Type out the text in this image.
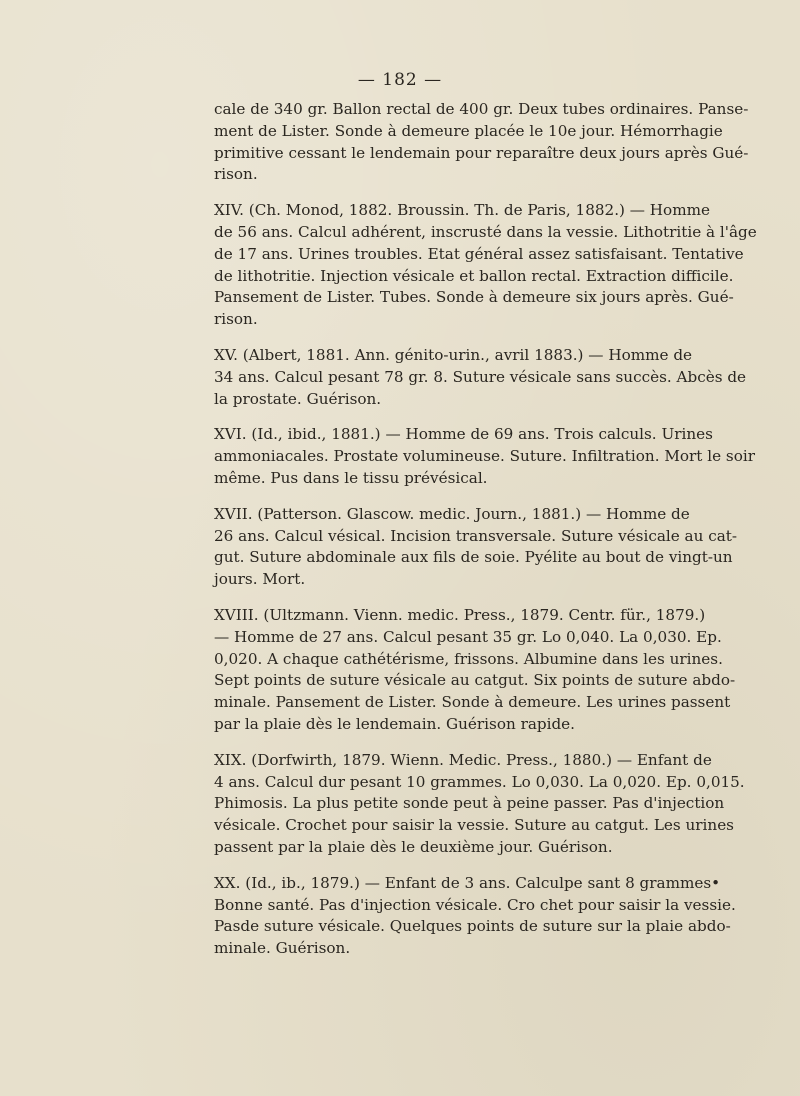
— 182 —
cale de 340 gr. Ballon rectal de 400 gr. Deux tubes ordinaires. Panse-
ment de Lister. Sonde à demeure placée le 10e jour. Hémorrhagie
primitive cessant le lendemain pour reparaître deux jours après Gué-
rison.
XIV. (Ch. Monod, 1882. Broussin. Th. de Paris, 1882.) — Homme
de 56 ans. Calcul adhérent, inscrusté dans la vessie. Lithotritie à l'âge
de 17 ans. Urines troubles. Etat général assez satisfaisant. Tentative
de lithotritie. Injection vésicale et ballon rectal. Extraction difficile.
Pansement de Lister. Tubes. Sonde à demeure six jours après. Gué-
rison.
XV. (Albert, 1881. Ann. génito-urin., avril 1883.) — Homme de
34 ans. Calcul pesant 78 gr. 8. Suture vésicale sans succès. Abcès de
la prostate. Guérison.
XVI. (Id., ibid., 1881.) — Homme de 69 ans. Trois calculs. Urines
ammoniacales. Prostate volumineuse. Suture. Infiltration. Mort le soir
même. Pus dans le tissu prévésical.
XVII. (Patterson. Glascow. medic. Journ., 1881.) — Homme de
26 ans. Calcul vésical. Incision transversale. Suture vésicale au cat-
gut. Suture abdominale aux fils de soie. Pyélite au bout de vingt-un
jours. Mort.
XVIII. (Ultzmann. Vienn. medic. Press., 1879. Centr. für., 1879.)
— Homme de 27 ans. Calcul pesant 35 gr. Lo 0,040. La 0,030. Ep.
0,020. A chaque cathétérisme, frissons. Albumine dans les urines.
Sept points de suture vésicale au catgut. Six points de suture abdo-
minale. Pansement de Lister. Sonde à demeure. Les urines passent
par la plaie dès le lendemain. Guérison rapide.
XIX. (Dorfwirth, 1879. Wienn. Medic. Press., 1880.) — Enfant de
4 ans. Calcul dur pesant 10 grammes. Lo 0,030. La 0,020. Ep. 0,015.
Phimosis. La plus petite sonde peut à peine passer. Pas d'injection
vésicale. Crochet pour saisir la vessie. Suture au catgut. Les urines
passent par la plaie dès le deuxième jour. Guérison.
XX. (Id., ib., 1879.) — Enfant de 3 ans. Calculpe sant 8 grammes•
Bonne santé. Pas d'injection vésicale. Cro chet pour saisir la vessie.
Pasde suture vésicale. Quelques points de suture sur la plaie abdo-
minale. Guérison.
